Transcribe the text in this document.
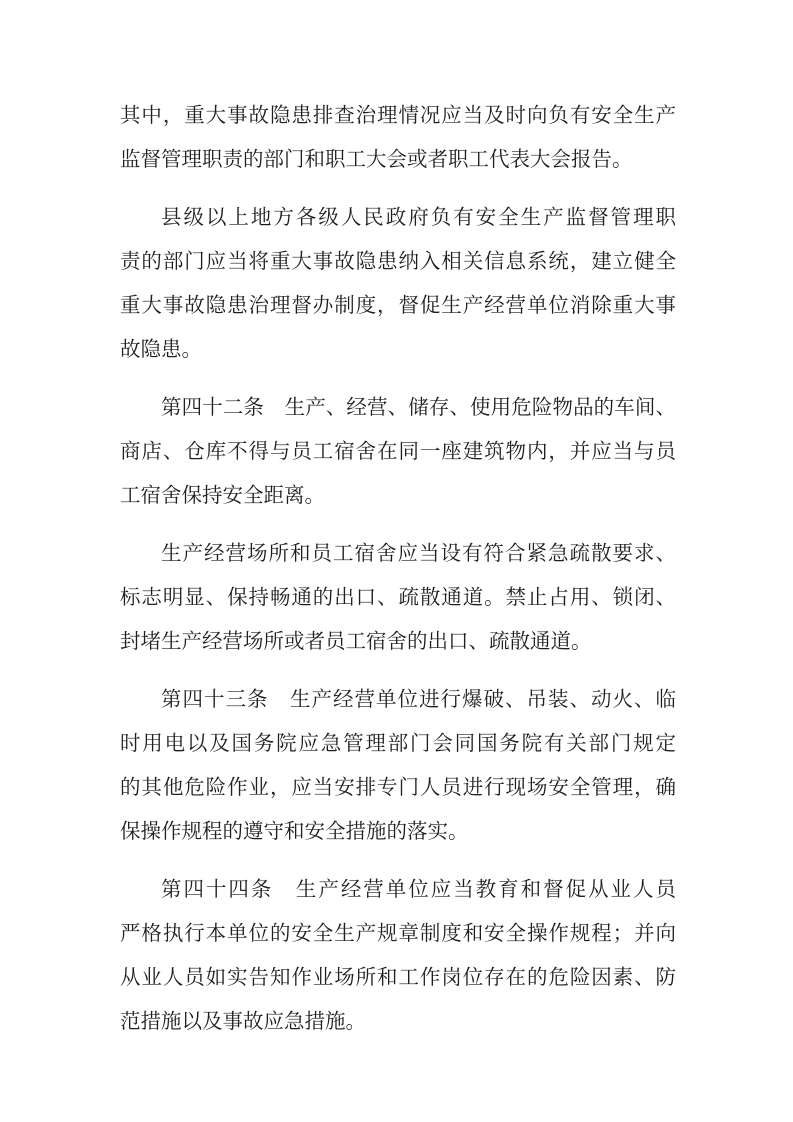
其中，重大事故隐患排查治理情况应当及时向负有安全生产
监督管理职责的部门和职工大会或者职工代表大会报告。
县级以上地方各级人民政府负有安全生产监督管理职
责的部门应当将重大事故隐患纳入相关信息系统，建立健全
重大事故隐患治理督办制度，督促生产经营单位消除重大事
故隐患。
第四十二条　生产、经营、储存、使用危险物品的车间、
商店、仓库不得与员工宿舍在同一座建筑物内，并应当与员
工宿舍保持安全距离。
生产经营场所和员工宿舍应当设有符合紧急疏散要求、
标志明显、保持畅通的出口、疏散通道。禁止占用、锁闭、
封堵生产经营场所或者员工宿舍的出口、疏散通道。
第四十三条　生产经营单位进行爆破、吊装、动火、临
时用电以及国务院应急管理部门会同国务院有关部门规定
的其他危险作业，应当安排专门人员进行现场安全管理，确
保操作规程的遵守和安全措施的落实。
第四十四条　生产经营单位应当教育和督促从业人员
严格执行本单位的安全生产规章制度和安全操作规程；并向
从业人员如实告知作业场所和工作岗位存在的危险因素、防
范措施以及事故应急措施。
